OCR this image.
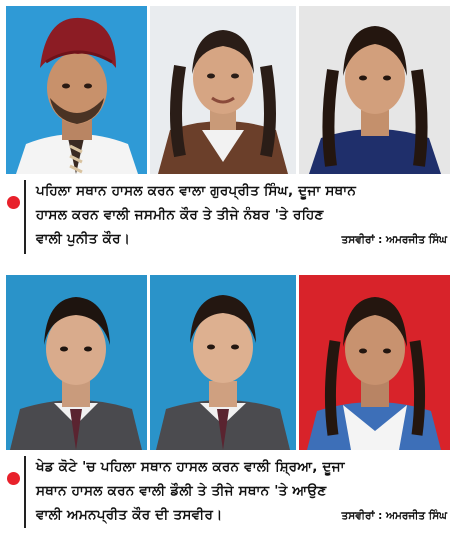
ਪਹਿਲਾ ਸਥਾਨ ਹਾਸਲ ਕਰਨ ਵਾਲਾ ਗੁਰਪ੍ਰੀਤ ਸਿੰਘ, ਦੂਜਾ ਸਥਾਨ
ਹਾਸਲ ਕਰਨ ਵਾਲੀ ਜਸਮੀਨ ਕੌਰ ਤੇ ਤੀਜੇ ਨੰਬਰ 'ਤੇ ਰਹਿਣ
ਵਾਲੀ ਪੁਨੀਤ ਕੌਰ।	ਤਸਵੀਰਾਂ : ਅਮਰਜੀਤ ਸਿੰਘ
ਖੇਡ ਕੋਟੇ 'ਚ ਪਹਿਲਾ ਸਥਾਨ ਹਾਸਲ ਕਰਨ ਵਾਲੀ ਸ਼੍ਰਿਆ, ਦੂਜਾ
ਸਥਾਨ ਹਾਸਲ ਕਰਨ ਵਾਲੀ ਡੌਲੀ ਤੇ ਤੀਜੇ ਸਥਾਨ 'ਤੇ ਆਉਣ
ਵਾਲੀ ਅਮਨਪ੍ਰੀਤ ਕੌਰ ਦੀ ਤਸਵੀਰ।	ਤਸਵੀਰਾਂ : ਅਮਰਜੀਤ ਸਿੰਘ
